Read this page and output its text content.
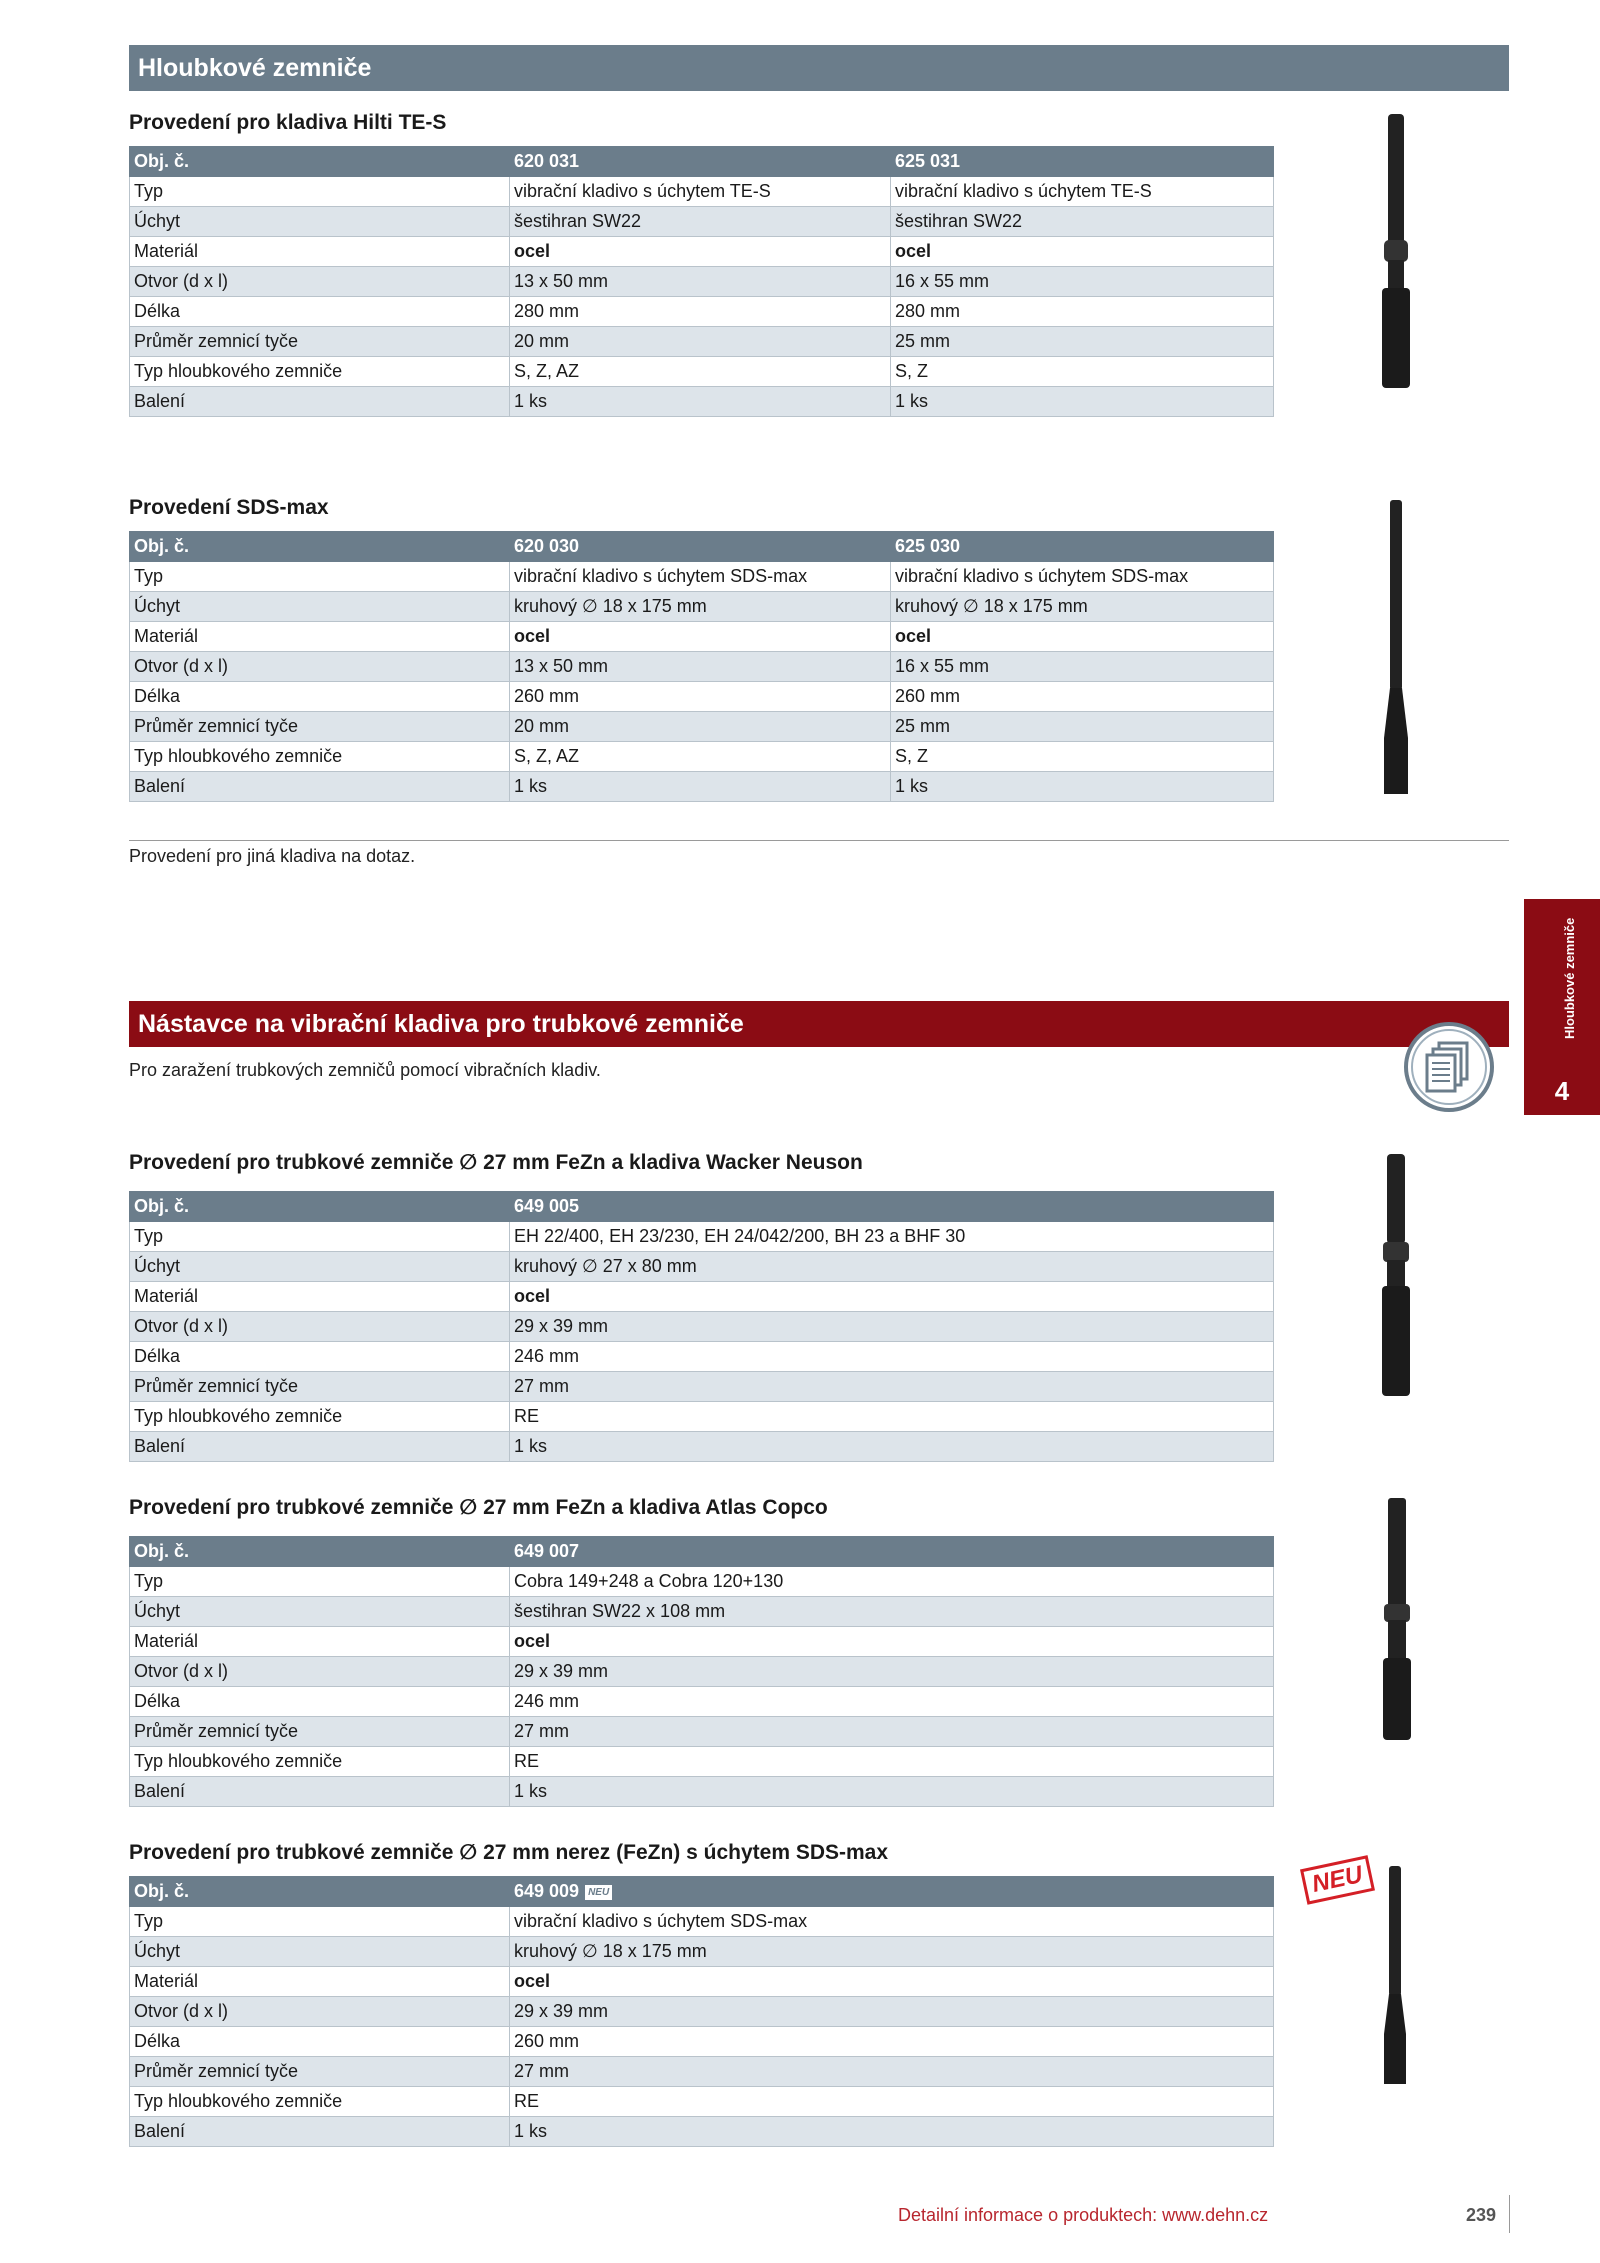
Hloubkové zemniče
Provedení pro kladiva Hilti TE-S
Obj. č.	620 031	625 031
Typ	vibrační kladivo s úchytem TE-S	vibrační kladivo s úchytem TE-S
Úchyt	šestihran SW22	šestihran SW22
Materiál	ocel	ocel
Otvor (d x l)	13 x 50 mm	16 x 55 mm
Délka	280 mm	280 mm
Průměr zemnicí tyče	20 mm	25 mm
Typ hloubkového zemniče	S, Z, AZ	S, Z
Balení	1 ks	1 ks
Provedení SDS-max
Obj. č.	620 030	625 030
Typ	vibrační kladivo s úchytem SDS-max	vibrační kladivo s úchytem SDS-max
Úchyt	kruhový ∅ 18 x 175 mm	kruhový ∅ 18 x 175 mm
Materiál	ocel	ocel
Otvor (d x l)	13 x 50 mm	16 x 55 mm
Délka	260 mm	260 mm
Průměr zemnicí tyče	20 mm	25 mm
Typ hloubkového zemniče	S, Z, AZ	S, Z
Balení	1 ks	1 ks
Provedení pro jiná kladiva na dotaz.
Nástavce na vibrační kladiva pro trubkové zemniče
Pro zaražení trubkových zemničů pomocí vibračních kladiv.
Provedení pro trubkové zemniče ∅ 27 mm FeZn a kladiva Wacker Neuson
Obj. č.	649 005
Typ	EH 22/400, EH 23/230, EH 24/042/200, BH 23 a BHF 30
Úchyt	kruhový ∅ 27 x 80 mm
Materiál	ocel
Otvor (d x l)	29 x 39 mm
Délka	246 mm
Průměr zemnicí tyče	27 mm
Typ hloubkového zemniče	RE
Balení	1 ks
Provedení pro trubkové zemniče ∅ 27 mm FeZn a kladiva Atlas Copco
Obj. č.	649 007
Typ	Cobra 149+248 a Cobra 120+130
Úchyt	šestihran SW22 x 108 mm
Materiál	ocel
Otvor (d x l)	29 x 39 mm
Délka	246 mm
Průměr zemnicí tyče	27 mm
Typ hloubkového zemniče	RE
Balení	1 ks
Provedení pro trubkové zemniče ∅ 27 mm nerez (FeZn) s úchytem SDS-max
Obj. č.	649 009 NEU
Typ	vibrační kladivo s úchytem SDS-max
Úchyt	kruhový ∅ 18 x 175 mm
Materiál	ocel
Otvor (d x l)	29 x 39 mm
Délka	260 mm
Průměr zemnicí tyče	27 mm
Typ hloubkového zemniče	RE
Balení	1 ks
NEU
Hloubkové zemniče
4
Detailní informace o produktech: www.dehn.cz	239
